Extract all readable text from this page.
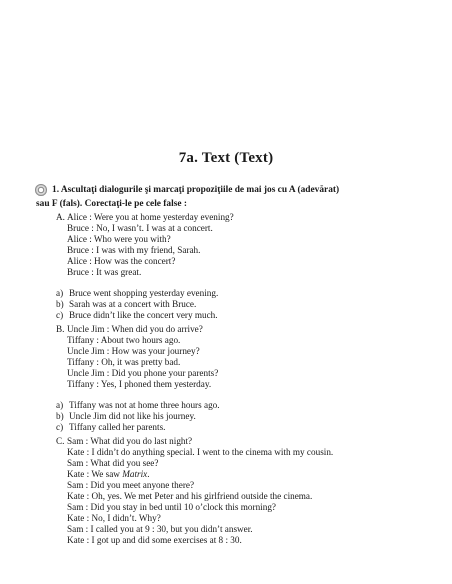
7a. Text (Text)
1. Ascultaţi dialogurile şi marcaţi propoziţiile de mai jos cu A (adevărat)
sau F (fals). Corectaţi-le pe cele false :
A. Alice : Were you at home yesterday evening?
Bruce : No, I wasn’t. I was at a concert.
Alice : Who were you with?
Bruce : I was with my friend, Sarah.
Alice : How was the concert?
Bruce : It was great.
a) Bruce went shopping yesterday evening.
b) Sarah was at a concert with Bruce.
c) Bruce didn’t like the concert very much.
B. Uncle Jim : When did you do arrive?
Tiffany : About two hours ago.
Uncle Jim : How was your journey?
Tiffany : Oh, it was pretty bad.
Uncle Jim : Did you phone your parents?
Tiffany : Yes, I phoned them yesterday.
a) Tiffany was not at home three hours ago.
b) Uncle Jim did not like his journey.
c) Tiffany called her parents.
C. Sam : What did you do last night?
Kate : I didn’t do anything special. I went to the cinema with my cousin.
Sam : What did you see?
Kate : We saw Matrix.
Sam : Did you meet anyone there?
Kate : Oh, yes. We met Peter and his girlfriend outside the cinema.
Sam : Did you stay in bed until 10 o’clock this morning?
Kate : No, I didn’t. Why?
Sam : I called you at 9 : 30, but you didn’t answer.
Kate : I got up and did some exercises at 8 : 30.
